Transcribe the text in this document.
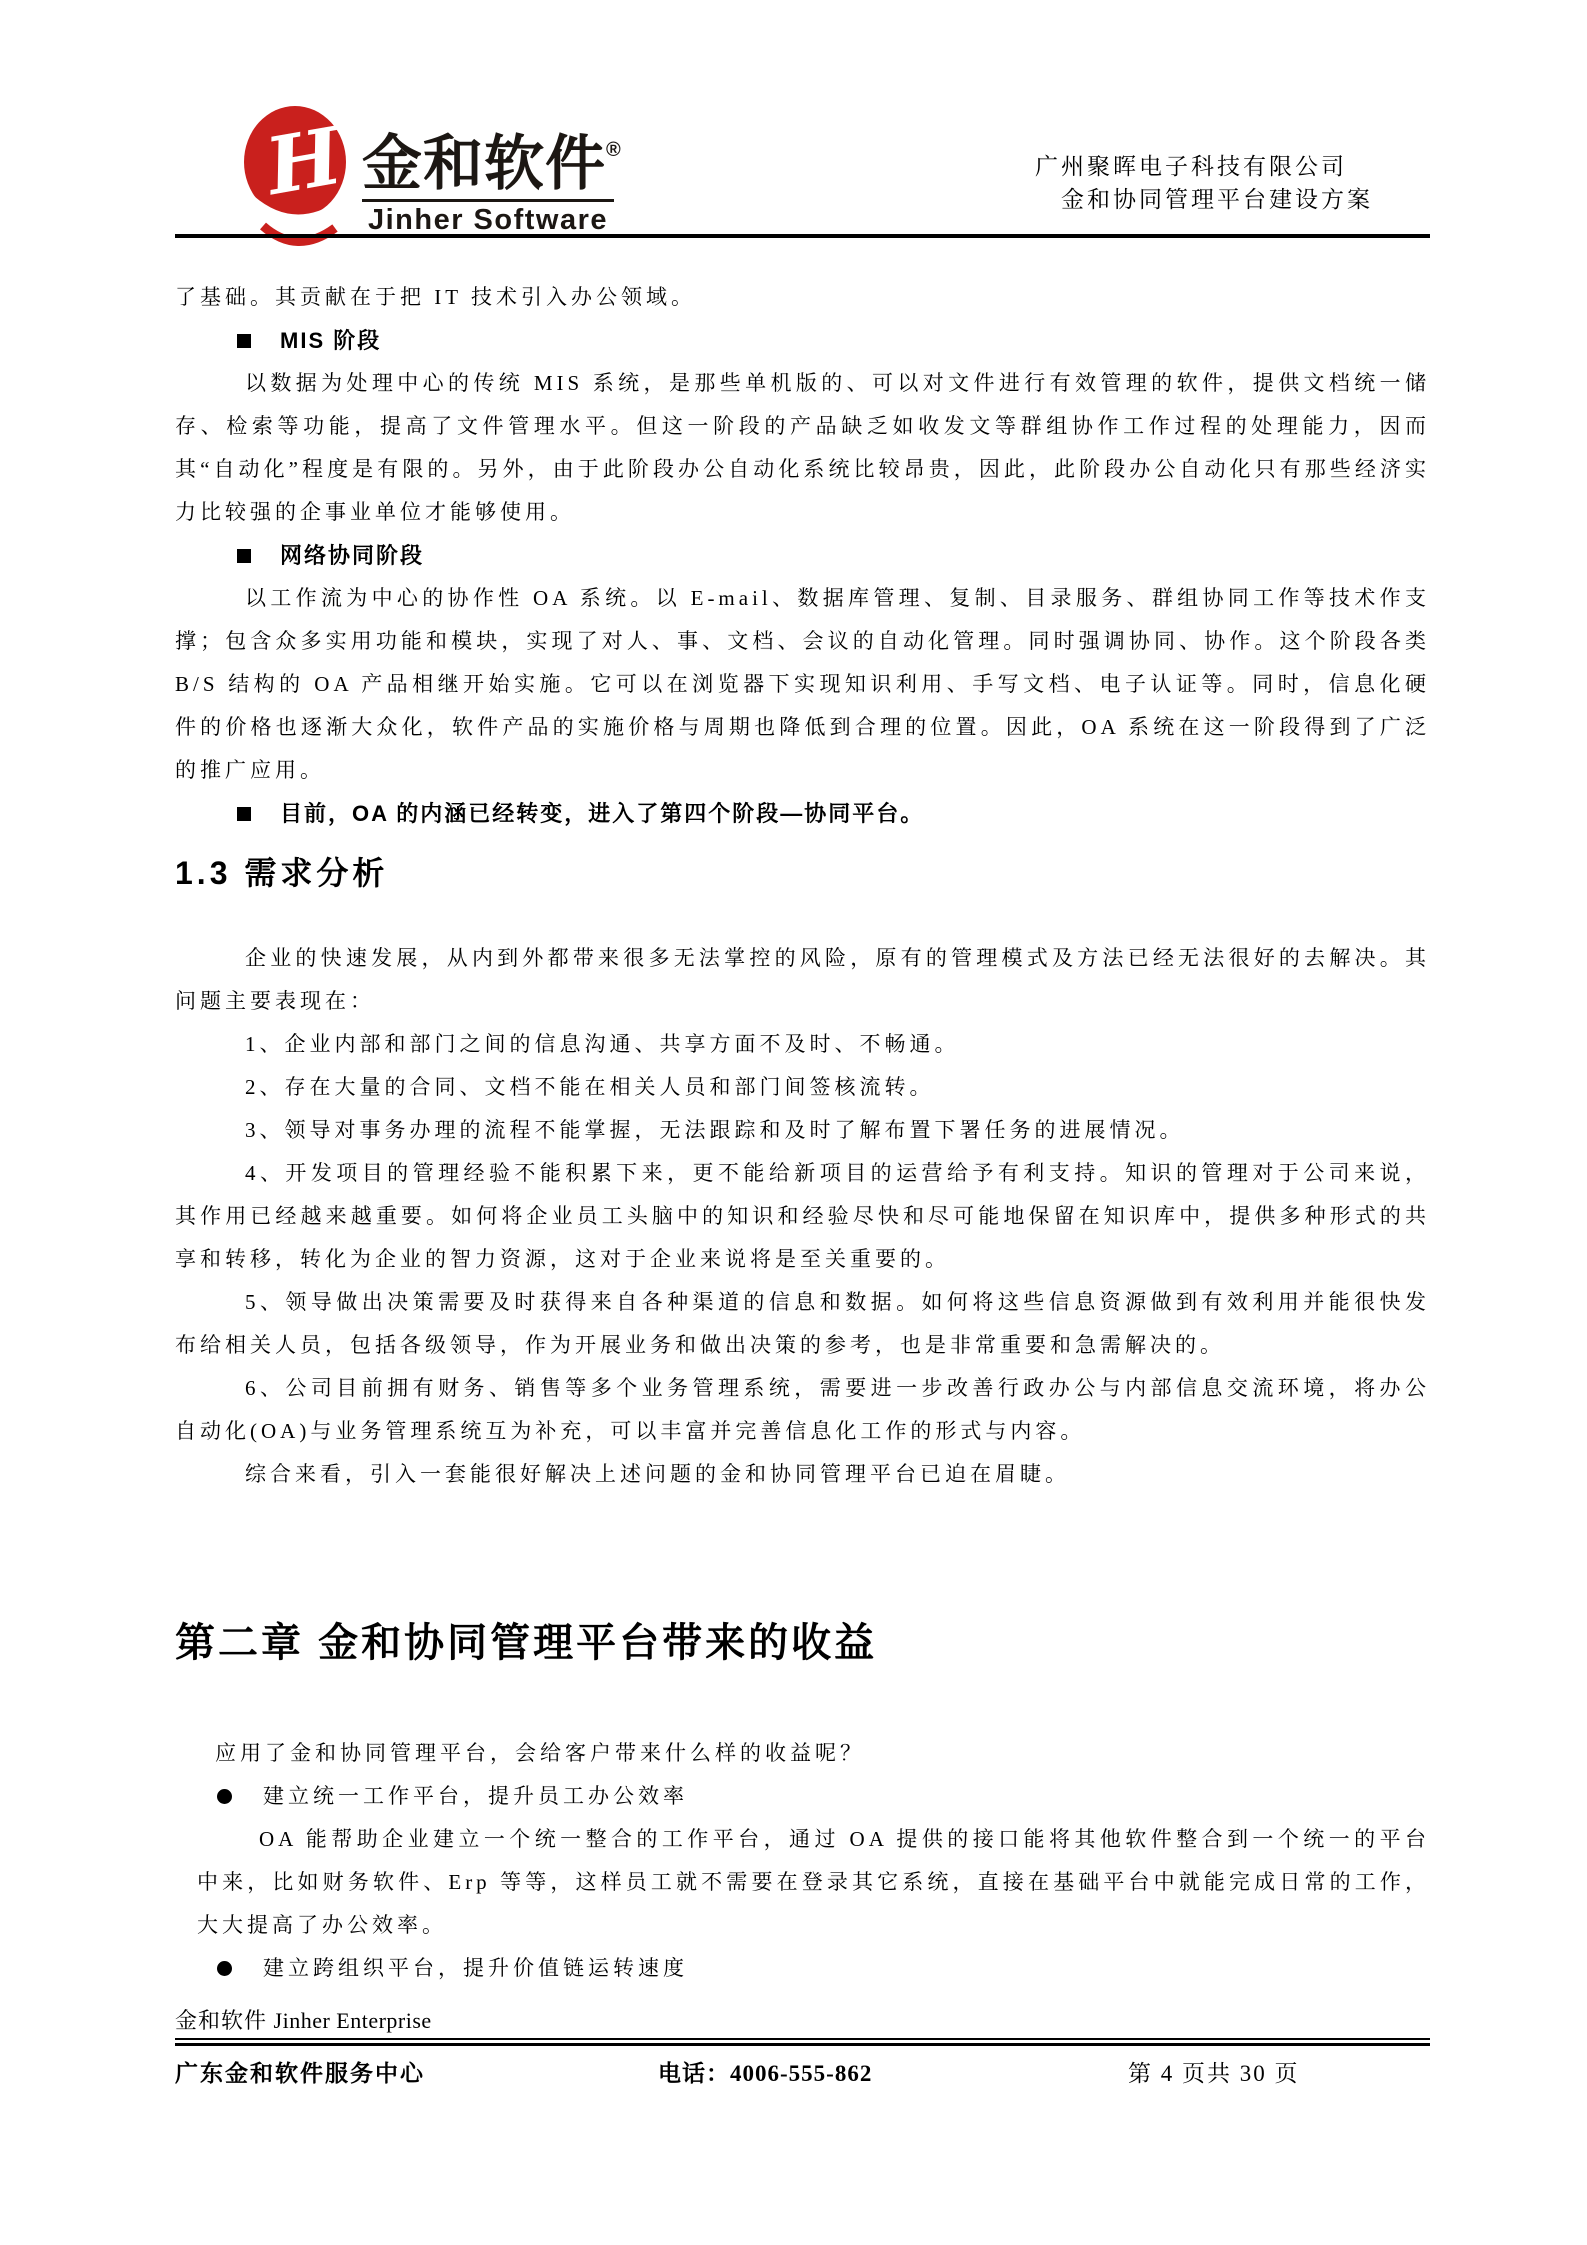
H 金和软件®
Jinher Software
广州聚晖电子科技有限公司
金和协同管理平台建设方案

了基础。其贡献在于把 IT 技术引入办公领域。

MIS 阶段

以数据为处理中心的传统 MIS 系统，是那些单机版的、可以对文件进行有效管理的软件，提供文档统一储存、检索等功能，提高了文件管理水平。但这一阶段的产品缺乏如收发文等群组协作工作过程的处理能力，因而其“自动化”程度是有限的。另外，由于此阶段办公自动化系统比较昂贵，因此，此阶段办公自动化只有那些经济实力比较强的企事业单位才能够使用。

网络协同阶段

以工作流为中心的协作性 OA 系统。以 E-mail、数据库管理、复制、目录服务、群组协同工作等技术作支撑；包含众多实用功能和模块，实现了对人、事、文档、会议的自动化管理。同时强调协同、协作。这个阶段各类 B/S 结构的 OA 产品相继开始实施。它可以在浏览器下实现知识利用、手写文档、电子认证等。同时，信息化硬件的价格也逐渐大众化，软件产品的实施价格与周期也降低到合理的位置。因此，OA 系统在这一阶段得到了广泛的推广应用。

目前，OA 的内涵已经转变，进入了第四个阶段—协同平台。
1.3 需求分析

企业的快速发展，从内到外都带来很多无法掌控的风险，原有的管理模式及方法已经无法很好的去解决。其问题主要表现在：

1、企业内部和部门之间的信息沟通、共享方面不及时、不畅通。

2、存在大量的合同、文档不能在相关人员和部门间签核流转。

3、领导对事务办理的流程不能掌握，无法跟踪和及时了解布置下署任务的进展情况。

4、开发项目的管理经验不能积累下来，更不能给新项目的运营给予有利支持。知识的管理对于公司来说，其作用已经越来越重要。如何将企业员工头脑中的知识和经验尽快和尽可能地保留在知识库中，提供多种形式的共享和转移，转化为企业的智力资源，这对于企业来说将是至关重要的。

5、领导做出决策需要及时获得来自各种渠道的信息和数据。如何将这些信息资源做到有效利用并能很快发布给相关人员，包括各级领导，作为开展业务和做出决策的参考，也是非常重要和急需解决的。

6、公司目前拥有财务、销售等多个业务管理系统，需要进一步改善行政办公与内部信息交流环境，将办公自动化(OA)与业务管理系统互为补充，可以丰富并完善信息化工作的形式与内容。

综合来看，引入一套能很好解决上述问题的金和协同管理平台已迫在眉睫。

第二章 金和协同管理平台带来的收益

应用了金和协同管理平台，会给客户带来什么样的收益呢？

建立统一工作平台，提升员工办公效率

OA 能帮助企业建立一个统一整合的工作平台，通过 OA 提供的接口能将其他软件整合到一个统一的平台中来，比如财务软件、Erp 等等，这样员工就不需要在登录其它系统，直接在基础平台中就能完成日常的工作，大大提高了办公效率。

建立跨组织平台，提升价值链运转速度
金和软件 Jinher Enterprise
广东金和软件服务中心	电话：4006-555-862	第 4 页共 30 页
